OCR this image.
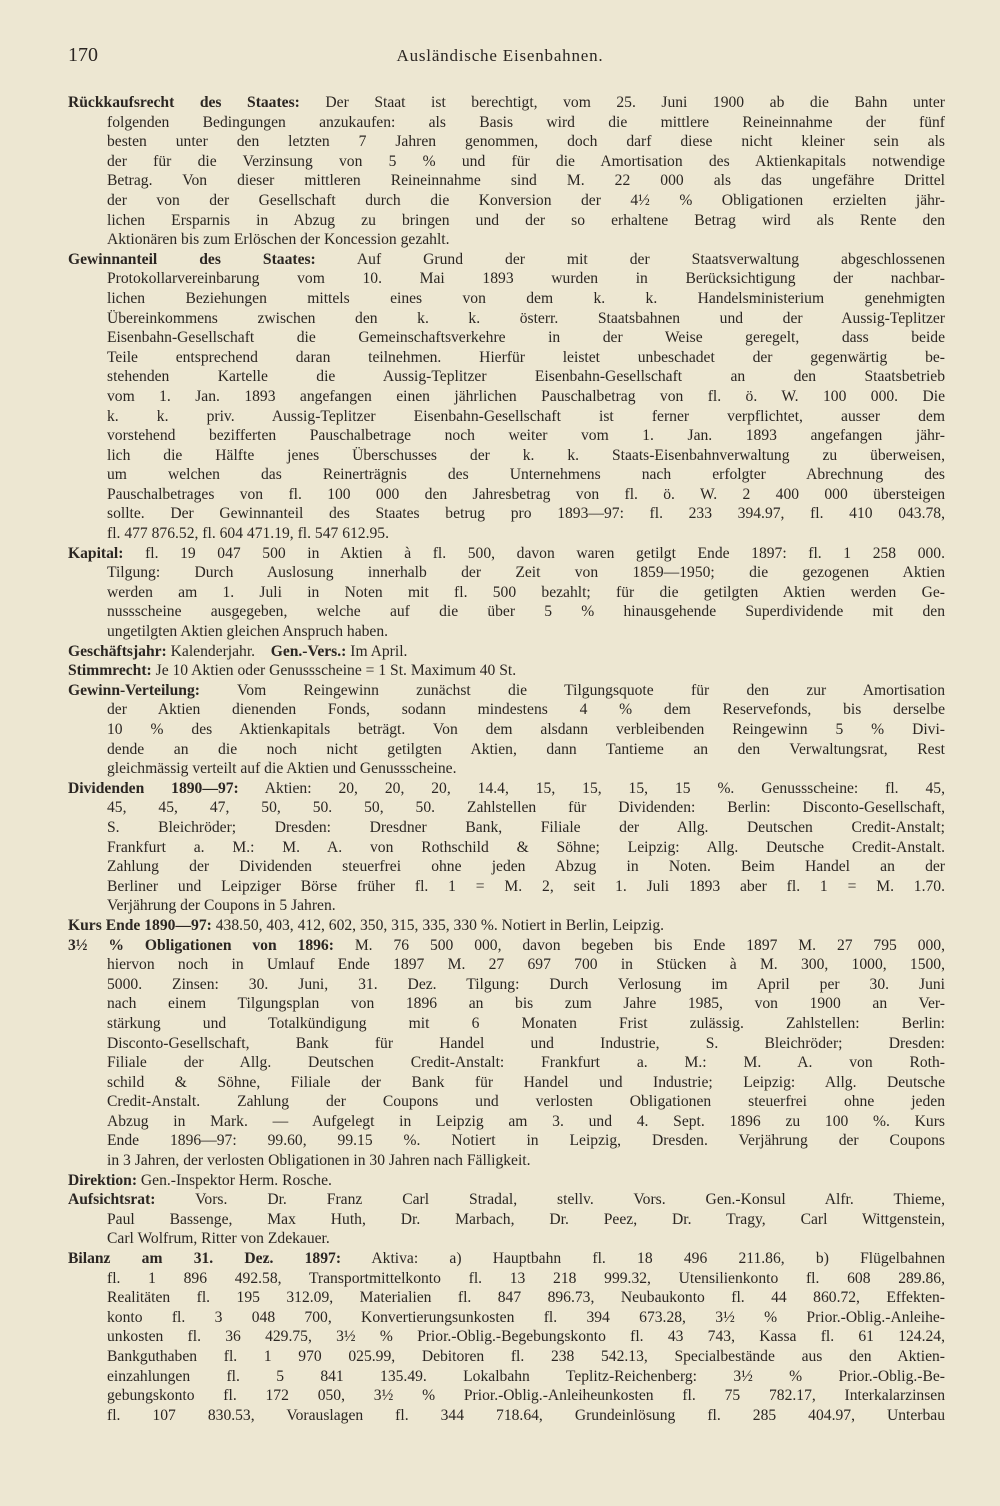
170	Ausländische Eisenbahnen.
Rückkaufsrecht des Staates: Der Staat ist berechtigt, vom 25. Juni 1900 ab die Bahn unter
folgenden Bedingungen anzukaufen: als Basis wird die mittlere Reineinnahme der fünf
besten unter den letzten 7 Jahren genommen, doch darf diese nicht kleiner sein als
der für die Verzinsung von 5 % und für die Amortisation des Aktienkapitals notwendige
Betrag. Von dieser mittleren Reineinnahme sind M. 22 000 als das ungefähre Drittel
der von der Gesellschaft durch die Konversion der 4½ % Obligationen erzielten jähr-
lichen Ersparnis in Abzug zu bringen und der so erhaltene Betrag wird als Rente den
Aktionären bis zum Erlöschen der Koncession gezahlt.
Gewinnanteil des Staates:	Auf Grund der mit der Staatsverwaltung abgeschlossenen
Protokollarvereinbarung vom 10. Mai 1893 wurden in Berücksichtigung der nachbar-
lichen Beziehungen mittels eines von dem k. k. Handelsministerium genehmigten
Übereinkommens zwischen den k. k. österr. Staatsbahnen und der Aussig-Teplitzer
Eisenbahn-Gesellschaft die Gemeinschaftsverkehre in der Weise geregelt, dass beide
Teile entsprechend daran teilnehmen. Hierfür leistet unbeschadet der gegenwärtig be-
stehenden Kartelle die Aussig-Teplitzer Eisenbahn-Gesellschaft an den Staatsbetrieb
vom 1. Jan. 1893 angefangen einen jährlichen Pauschalbetrag von fl. ö. W. 100 000. Die
k. k. priv. Aussig-Teplitzer Eisenbahn-Gesellschaft ist ferner verpflichtet, ausser dem
vorstehend bezifferten Pauschalbetrage noch weiter vom 1. Jan. 1893 angefangen jähr-
lich die Hälfte jenes Überschusses der k. k. Staats-Eisenbahnverwaltung zu überweisen,
um welchen das Reinerträgnis des Unternehmens nach erfolgter Abrechnung des
Pauschalbetrages von fl. 100 000 den Jahresbetrag von fl. ö. W. 2 400 000 übersteigen
sollte. Der Gewinnanteil des Staates betrug pro 1893—97: fl. 233 394.97, fl. 410 043.78,
fl. 477 876.52, fl. 604 471.19, fl. 547 612.95.
Kapital: fl. 19 047 500 in Aktien à fl. 500, davon waren getilgt Ende 1897: fl. 1 258 000.
Tilgung: Durch Auslosung innerhalb der Zeit von 1859—1950; die gezogenen Aktien
werden am 1. Juli in Noten mit fl. 500 bezahlt; für die getilgten Aktien werden Ge-
nussscheine ausgegeben, welche auf die über 5 % hinausgehende Superdividende mit den
ungetilgten Aktien gleichen Anspruch haben.
Geschäftsjahr: Kalenderjahr.  Gen.-Vers.: Im April.
Stimmrecht: Je 10 Aktien oder Genussscheine = 1 St. Maximum 40 St.
Gewinn-Verteilung: Vom Reingewinn zunächst die Tilgungsquote für den zur Amortisation
der Aktien dienenden Fonds, sodann mindestens 4 % dem Reservefonds, bis derselbe
10 % des Aktienkapitals beträgt. Von dem alsdann verbleibenden Reingewinn 5 % Divi-
dende an die noch nicht getilgten Aktien, dann Tantieme an den Verwaltungsrat, Rest
gleichmässig verteilt auf die Aktien und Genussscheine.
Dividenden 1890—97: Aktien: 20, 20, 20, 14.4, 15, 15, 15, 15 %. Genussscheine: fl. 45,
45, 45, 47, 50, 50. 50, 50. Zahlstellen für Dividenden: Berlin: Disconto-Gesellschaft,
S. Bleichröder; Dresden: Dresdner Bank, Filiale der Allg. Deutschen Credit-Anstalt;
Frankfurt a. M.: M. A. von Rothschild & Söhne; Leipzig: Allg. Deutsche Credit-Anstalt.
Zahlung der Dividenden steuerfrei ohne jeden Abzug in Noten. Beim Handel an der
Berliner und Leipziger Börse früher fl. 1 = M. 2, seit 1. Juli 1893 aber fl. 1 = M. 1.70.
Verjährung der Coupons in 5 Jahren.
Kurs Ende 1890—97: 438.50, 403, 412, 602, 350, 315, 335, 330 %. Notiert in Berlin, Leipzig.
3½ % Obligationen von 1896: M. 76 500 000, davon begeben bis Ende 1897 M. 27 795 000,
hiervon noch in Umlauf Ende 1897 M. 27 697 700 in Stücken à M. 300, 1000, 1500,
5000. Zinsen: 30. Juni, 31. Dez. Tilgung: Durch Verlosung im April per 30. Juni
nach einem Tilgungsplan von 1896 an bis zum Jahre 1985, von 1900 an Ver-
stärkung und Totalkündigung mit 6 Monaten Frist zulässig. Zahlstellen: Berlin:
Disconto-Gesellschaft, Bank für Handel und Industrie, S. Bleichröder; Dresden:
Filiale der Allg. Deutschen Credit-Anstalt: Frankfurt a. M.: M. A. von Roth-
schild & Söhne, Filiale der Bank für Handel und Industrie; Leipzig: Allg. Deutsche
Credit-Anstalt. Zahlung der Coupons und verlosten Obligationen steuerfrei ohne jeden
Abzug in Mark. — Aufgelegt in Leipzig am 3. und 4. Sept. 1896 zu 100 %. Kurs
Ende 1896—97: 99.60, 99.15 %. Notiert in Leipzig, Dresden. Verjährung der Coupons
in 3 Jahren, der verlosten Obligationen in 30 Jahren nach Fälligkeit.
Direktion: Gen.-Inspektor Herm. Rosche.
Aufsichtsrat:	Vors. Dr. Franz Carl Stradal, stellv. Vors. Gen.-Konsul Alfr. Thieme,
Paul Bassenge, Max Huth, Dr. Marbach, Dr. Peez, Dr. Tragy, Carl Wittgenstein,
Carl Wolfrum, Ritter von Zdekauer.
Bilanz am 31. Dez. 1897: Aktiva: a) Hauptbahn fl. 18 496 211.86, b) Flügelbahnen
fl. 1 896 492.58, Transportmittelkonto fl. 13 218 999.32, Utensilienkonto fl. 608 289.86,
Realitäten fl. 195 312.09, Materialien fl. 847 896.73, Neubaukonto fl. 44 860.72, Effekten-
konto fl. 3 048 700, Konvertierungsunkosten fl. 394 673.28, 3½ % Prior.-Oblig.-Anleihe-
unkosten fl. 36 429.75, 3½ % Prior.-Oblig.-Begebungskonto fl. 43 743, Kassa fl. 61 124.24,
Bankguthaben fl. 1 970 025.99, Debitoren fl. 238 542.13, Specialbestände aus den Aktien-
einzahlungen fl. 5 841 135.49. Lokalbahn Teplitz-Reichenberg: 3½ % Prior.-Oblig.-Be-
gebungskonto fl. 172 050, 3½ % Prior.-Oblig.-Anleiheunkosten fl. 75 782.17, Interkalarzinsen
fl. 107 830.53, Vorauslagen fl. 344 718.64, Grundeinlösung fl. 285 404.97, Unterbau
